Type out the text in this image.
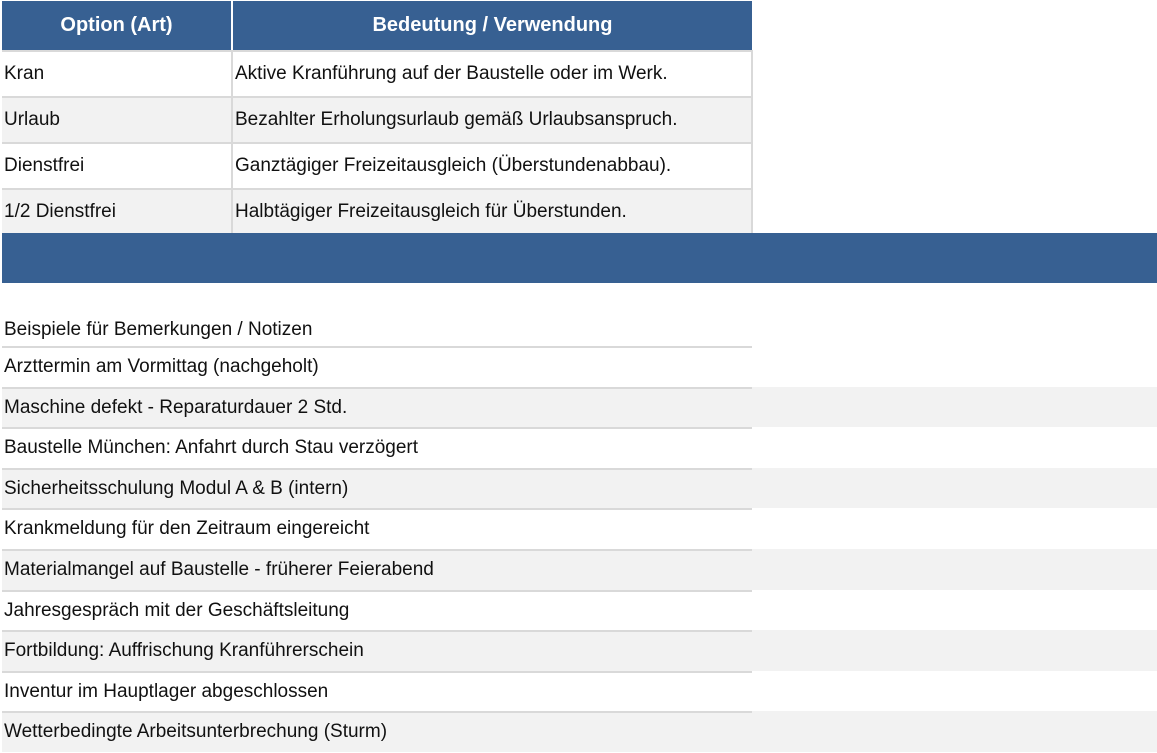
Option (Art)	Bedeutung / Verwendung
Kran	Aktive Kranführung auf der Baustelle oder im Werk.
Urlaub	Bezahlter Erholungsurlaub gemäß Urlaubsanspruch.
Dienstfrei	Ganztägiger Freizeitausgleich (Überstundenabbau).
1/2 Dienstfrei	Halbtägiger Freizeitausgleich für Überstunden.
Beispiele für Bemerkungen / Notizen
Arzttermin am Vormittag (nachgeholt)
Maschine defekt - Reparaturdauer 2 Std.
Baustelle München: Anfahrt durch Stau verzögert
Sicherheitsschulung Modul A & B (intern)
Krankmeldung für den Zeitraum eingereicht
Materialmangel auf Baustelle - früherer Feierabend
Jahresgespräch mit der Geschäftsleitung
Fortbildung: Auffrischung Kranführerschein
Inventur im Hauptlager abgeschlossen
Wetterbedingte Arbeitsunterbrechung (Sturm)
